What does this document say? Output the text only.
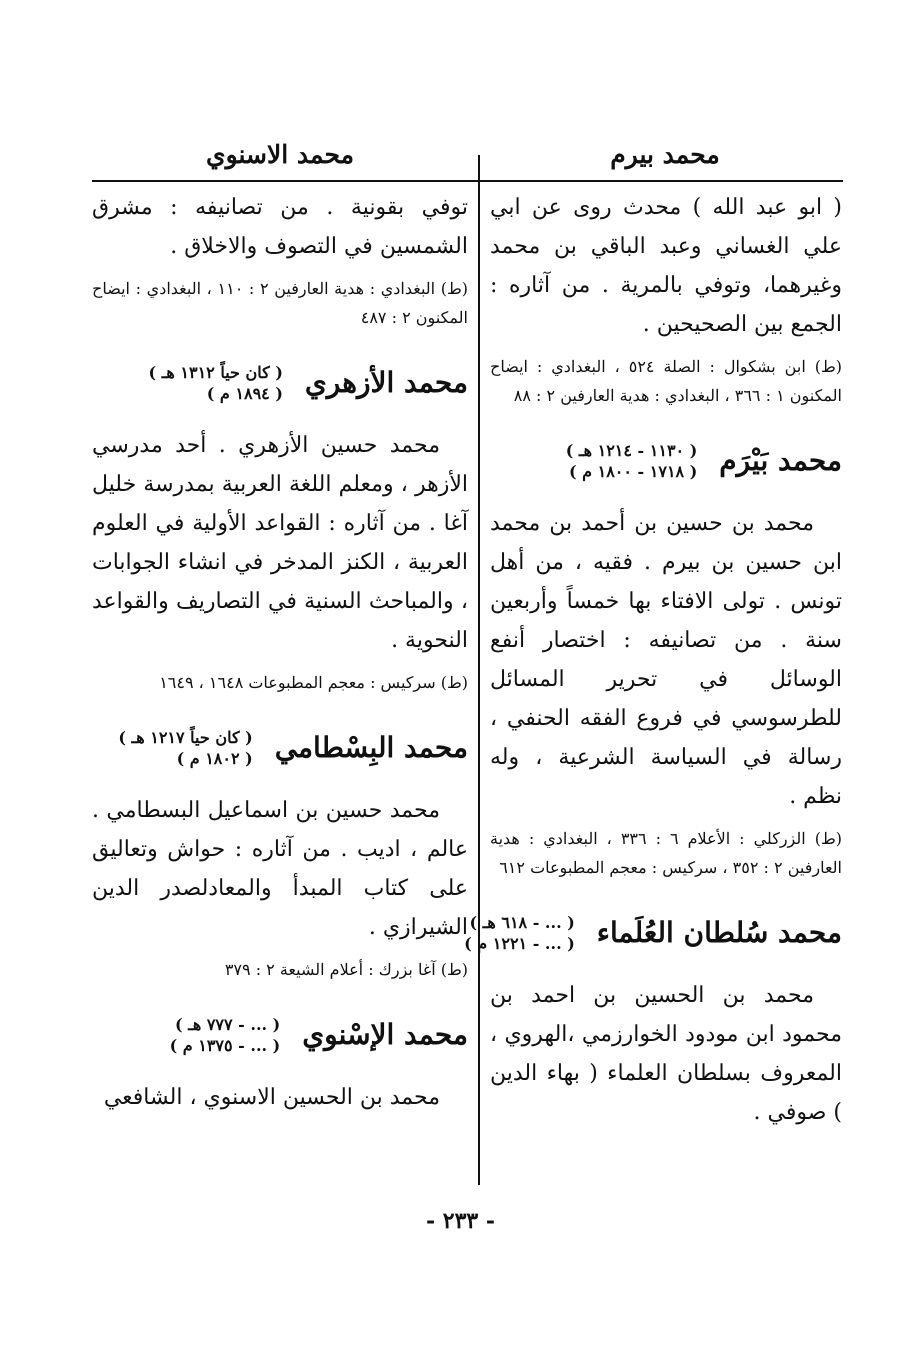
محمد بيرم
محمد الاسنوي

( ابو عبد الله ) محدث روى عن ابي علي الغساني وعبد الباقي بن محمد وغيرهما، وتوفي بالمرية . من آثاره : الجمع بين الصحيحين .

(ط) ابن بشكوال : الصلة ٥٢٤ ، البغدادي : ايضاح المكنون ١ : ٣٦٦ ، البغدادي : هدية العارفين ٢ : ٨٨

محمد بَيْرَم
( ١١٣٠ - ١٢١٤ هـ )
( ١٧١٨ - ١٨٠٠ م )

محمد بن حسين بن أحمد بن محمد ابن حسين بن بيرم . فقيه ، من أهل تونس . تولى الافتاء بها خمساً وأربعين سنة . من تصانيفه : اختصار أنفع الوسائل في تحرير المسائل للطرسوسي في فروع الفقه الحنفي ، رسالة في السياسة الشرعية ، وله نظم .

(ط) الزركلي : الأعلام ٦ : ٣٣٦ ، البغدادي : هدية العارفين ٢ : ٣٥٢ ، سركيس : معجم المطبوعات ٦١٢

محمد سُلطان العُلَماء
( ... - ٦١٨ هـ )
( ... - ١٢٢١ م )

محمد بن الحسين بن احمد بن محمود ابن مودود الخوارزمي ،الهروي ، المعروف بسلطان العلماء ( بهاء الدين ) صوفي .

توفي بقونية . من تصانيفه : مشرق الشمسين في التصوف والاخلاق .

(ط) البغدادي : هدية العارفين ٢ : ١١٠ ، البغدادي : ايضاح المكنون ٢ : ٤٨٧

محمد الأزهري
( كان حياً ١٣١٢ هـ )
( ١٨٩٤ م )

محمد حسين الأزهري . أحد مدرسي الأزهر ، ومعلم اللغة العربية بمدرسة خليل آغا . من آثاره : القواعد الأولية في العلوم العربية ، الكنز المدخر في انشاء الجوابات ، والمباحث السنية في التصاريف والقواعد النحوية .

(ط) سركيس : معجم المطبوعات ١٦٤٨ ، ١٦٤٩

محمد البِسْطامي
( كان حياً ١٢١٧ هـ )
( ١٨٠٢ م )

محمد حسين بن اسماعيل البسطامي . عالم ، اديب . من آثاره : حواش وتعاليق على كتاب المبدأ والمعادلصدر الدين الشيرازي .

(ط) آغا بزرك : أعلام الشيعة ٢ : ٣٧٩

محمد الإسْنوي
( ... - ٧٧٧ هـ )
( ... - ١٣٧٥ م )

محمد بن الحسين الاسنوي ، الشافعي

- ٢٣٣ -
